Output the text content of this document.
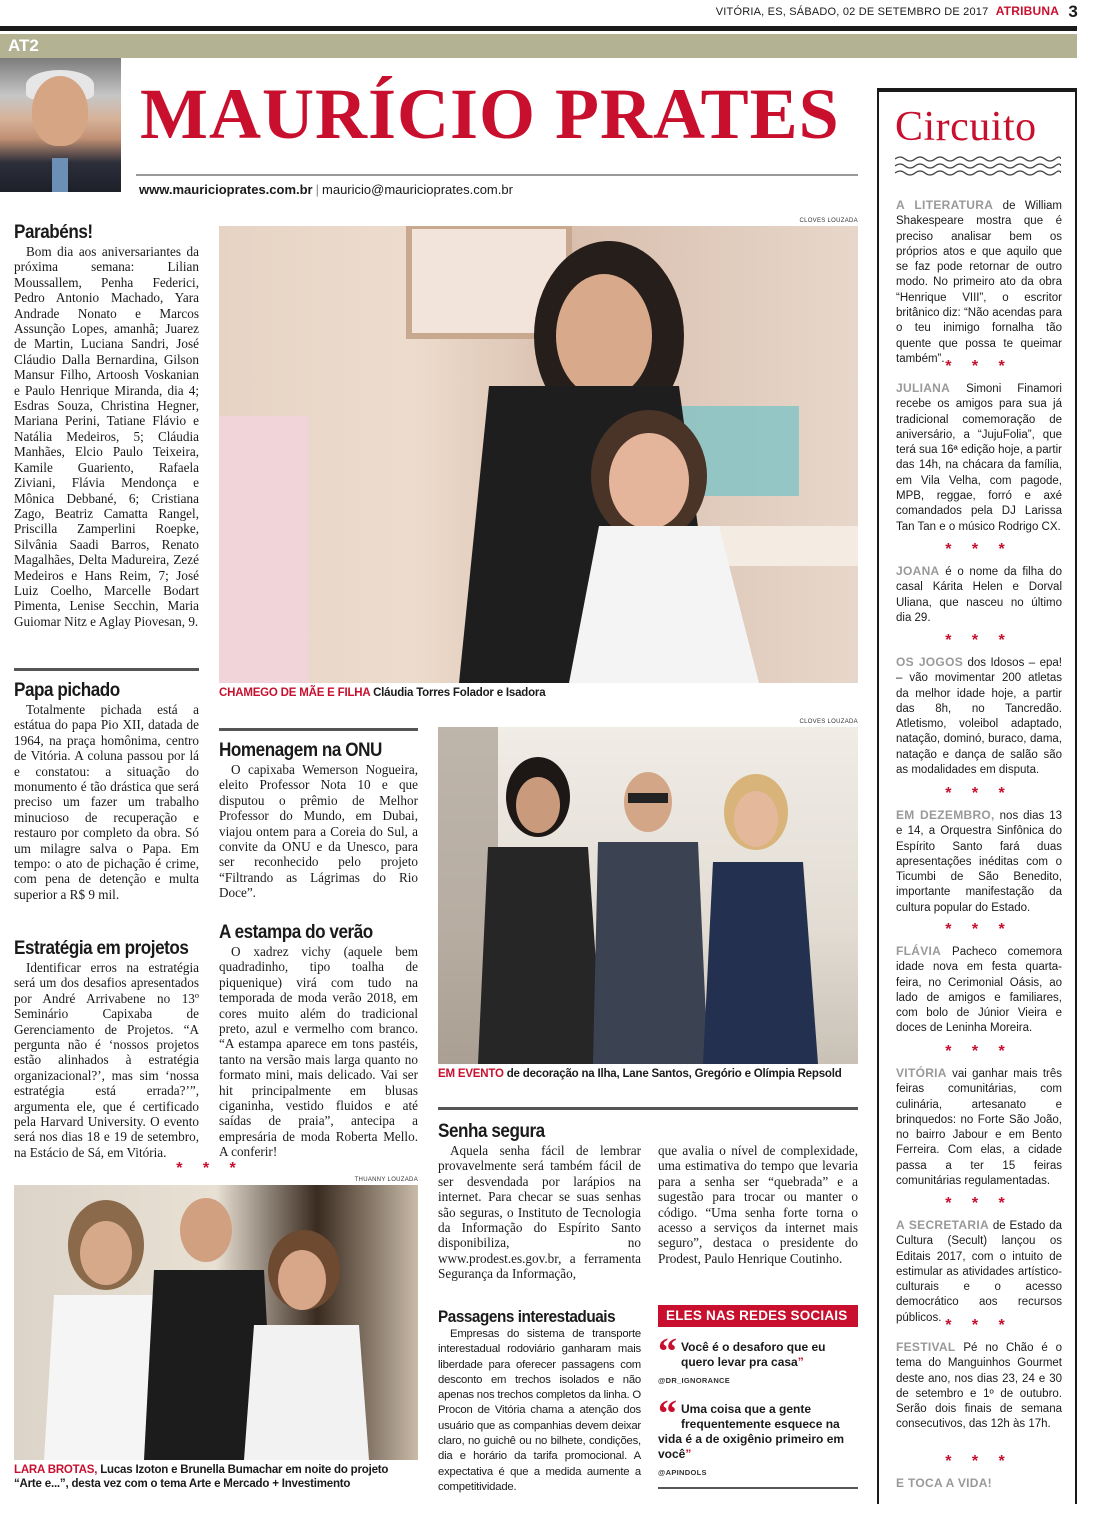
VITÓRIA, ES, SÁBADO, 02 DE SETEMBRO DE 2017 ATRIBUNA 3
AT2
MAURÍCIO PRATES
www.mauricioprates.com.br | mauricio@mauricioprates.com.br
Parabéns!

Bom dia aos aniversariantes da próxima semana: Lilian Moussallem, Penha Federici, Pedro Antonio Machado, Yara Andrade Nonato e Marcos Assunção Lopes, amanhã; Juarez de Martin, Luciana Sandri, José Cláudio Dalla Bernardina, Gilson Mansur Filho, Artoosh Voskanian e Paulo Henrique Miranda, dia 4; Esdras Souza, Christina Hegner, Mariana Perini, Tatiane Flávio e Natália Medeiros, 5; Cláudia Manhães, Elcio Paulo Teixeira, Kamile Guariento, Rafaela Ziviani, Flávia Mendonça e Mônica Debbané, 6; Cristiana Zago, Beatriz Camatta Rangel, Priscilla Zamperlini Roepke, Silvânia Saadi Barros, Renato Magalhães, Delta Madureira, Zezé Medeiros e Hans Reim, 7; José Luiz Coelho, Marcelle Bodart Pimenta, Lenise Secchin, Maria Guiomar Nitz e Aglay Piovesan, 9.

Papa pichado

Totalmente pichada está a estátua do papa Pio XII, datada de 1964, na praça homônima, centro de Vitória. A coluna passou por lá e constatou: a situação do monumento é tão drástica que será preciso um fazer um trabalho minucioso de recuperação e restauro por completo da obra. Só um milagre salva o Papa. Em tempo: o ato de pichação é crime, com pena de detenção e multa superior a R$ 9 mil.

Estratégia em projetos

Identificar erros na estratégia será um dos desafios apresentados por André Arrivabene no 13º Seminário Capixaba de Gerenciamento de Projetos. “A pergunta não é ‘nossos projetos estão alinhados à estratégia organizacional?’, mas sim ‘nossa estratégia está errada?’”, argumenta ele, que é certificado pela Harvard University. O evento será nos dias 18 e 19 de setembro, na Estácio de Sá, em Vitória.

CLOVES LOUZADA
CHAMEGO DE MÃE E FILHA Cláudia Torres Folador e Isadora
Homenagem na ONU

O capixaba Wemerson Nogueira, eleito Professor Nota 10 e que disputou o prêmio de Melhor Professor do Mundo, em Dubai, viajou ontem para a Coreia do Sul, a convite da ONU e da Unesco, para ser reconhecido pelo projeto “Filtrando as Lágrimas do Rio Doce”.

A estampa do verão

O xadrez vichy (aquele bem quadradinho, tipo toalha de piquenique) virá com tudo na temporada de moda verão 2018, em cores muito além do tradicional preto, azul e vermelho com branco. “A estampa aparece em tons pastéis, tanto na versão mais larga quanto no formato mini, mais delicado. Vai ser hit principalmente em blusas ciganinha, vestido fluidos e até saídas de praia”, antecipa a empresária de moda Roberta Mello. A conferir!

CLOVES LOUZADA
EM EVENTO de decoração na Ilha, Lane Santos, Gregório e Olímpia Repsold
* * *
THUANNY LOUZADA
LARA BROTAS, Lucas Izoton e Brunella Bumachar em noite do projeto “Arte e...”, desta vez com o tema Arte e Mercado + Investimento
Senha segura

Aquela senha fácil de lembrar provavelmente será também fácil de ser desvendada por larápios na internet. Para checar se suas senhas são seguras, o Instituto de Tecnologia da Informação do Espírito Santo disponibiliza, no www.prodest.es.gov.br, a ferramenta Segurança da Informação,

que avalia o nível de complexidade, uma estimativa do tempo que levaria para a senha ser “quebrada” e a sugestão para trocar ou manter o código. “Uma senha forte torna o acesso a serviços da internet mais seguro”, destaca o presidente do Prodest, Paulo Henrique Coutinho.

Passagens interestaduais

Empresas do sistema de transporte interestadual rodoviário ganharam mais liberdade para oferecer passagens com desconto em trechos isolados e não apenas nos trechos completos da linha. O Procon de Vitória chama a atenção dos usuário que as companhias devem deixar claro, no guichê ou no bilhete, condições, dia e horário da tarifa promocional. A expectativa é que a medida aumente a competitividade.

ELES NAS REDES SOCIAIS
“ Você é o desaforo que eu quero levar pra casa”
@DR_IGNORANCE
“ Uma coisa que a gente frequentemente esquece na vida é a de oxigênio primeiro em você”
@APINDOLS
Circuito
A LITERATURA de William Shakespeare mostra que é preciso analisar bem os próprios atos e que aquilo que se faz pode retornar de outro modo. No primeiro ato da obra “Henrique VIII”, o escritor britânico diz: “Não acendas para o teu inimigo fornalha tão quente que possa te queimar também”. * * *
JULIANA Simoni Finamori recebe os amigos para sua já tradicional comemoração de aniversário, a “JujuFolia”, que terá sua 16ª edição hoje, a partir das 14h, na chácara da família, em Vila Velha, com pagode, MPB, reggae, forró e axé comandados pela DJ Larissa Tan Tan e o músico Rodrigo CX.
* * *
JOANA é o nome da filha do casal Kárita Helen e Dorval Uliana, que nasceu no último dia 29.
* * *
OS JOGOS dos Idosos – epa! – vão movimentar 200 atletas da melhor idade hoje, a partir das 8h, no Tancredão. Atletismo, voleibol adaptado, natação, dominó, buraco, dama, natação e dança de salão são as modalidades em disputa.
* * *
EM DEZEMBRO, nos dias 13 e 14, a Orquestra Sinfônica do Espírito Santo fará duas apresentações inéditas com o Ticumbi de São Benedito, importante manifestação da cultura popular do Estado.
* * *
FLÁVIA Pacheco comemora idade nova em festa quarta-feira, no Cerimonial Oásis, ao lado de amigos e familiares, com bolo de Júnior Vieira e doces de Leninha Moreira.
* * *
VITÓRIA vai ganhar mais três feiras comunitárias, com culinária, artesanato e brinquedos: no Forte São João, no bairro Jabour e em Bento Ferreira. Com elas, a cidade passa a ter 15 feiras comunitárias regulamentadas.
* * *
A SECRETARIA de Estado da Cultura (Secult) lançou os Editais 2017, com o intuito de estimular as atividades artístico-culturais e o acesso democrático aos recursos públicos. * * *
FESTIVAL Pé no Chão é o tema do Manguinhos Gourmet deste ano, nos dias 23, 24 e 30 de setembro e 1º de outubro. Serão dois finais de semana consecutivos, das 12h às 17h.
* * *
E TOCA A VIDA!
